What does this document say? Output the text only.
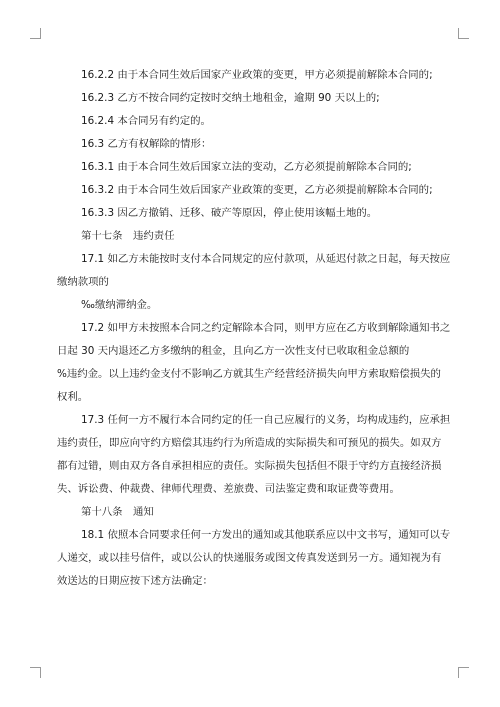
16.2.2 由于本合同生效后国家产业政策的变更，甲方必须提前解除本合同的;
16.2.3 乙方不按合同约定按时交纳土地租金，逾期 90 天以上的;
16.2.4 本合同另有约定的。
16.3 乙方有权解除的情形：
16.3.1 由于本合同生效后国家立法的变动，乙方必须提前解除本合同的;
16.3.2 由于本合同生效后国家产业政策的变更，乙方必须提前解除本合同的;
16.3.3 因乙方撤销、迁移、破产等原因，停止使用该幅土地的。
第十七条　违约责任
17.1 如乙方未能按时支付本合同规定的应付款项，从延迟付款之日起，每天按应
缴纳款项的
‰缴纳滞纳金。
17.2 如甲方未按照本合同之约定解除本合同，则甲方应在乙方收到解除通知书之
日起 30 天内退还乙方多缴纳的租金，且向乙方一次性支付已收取租金总额的
%违约金。以上违约金支付不影响乙方就其生产经营经济损失向甲方索取赔偿损失的
权利。
17.3 任何一方不履行本合同约定的任一自己应履行的义务，均构成违约，应承担
违约责任，即应向守约方赔偿其违约行为所造成的实际损失和可预见的损失。如双方
都有过错，则由双方各自承担相应的责任。实际损失包括但不限于守约方直接经济损
失、诉讼费、仲裁费、律师代理费、差旅费、司法鉴定费和取证费等费用。
第十八条　通知
18.1 依照本合同要求任何一方发出的通知或其他联系应以中文书写，通知可以专
人递交，或以挂号信件，或以公认的快递服务或图文传真发送到另一方。通知视为有
效送达的日期应按下述方法确定：
